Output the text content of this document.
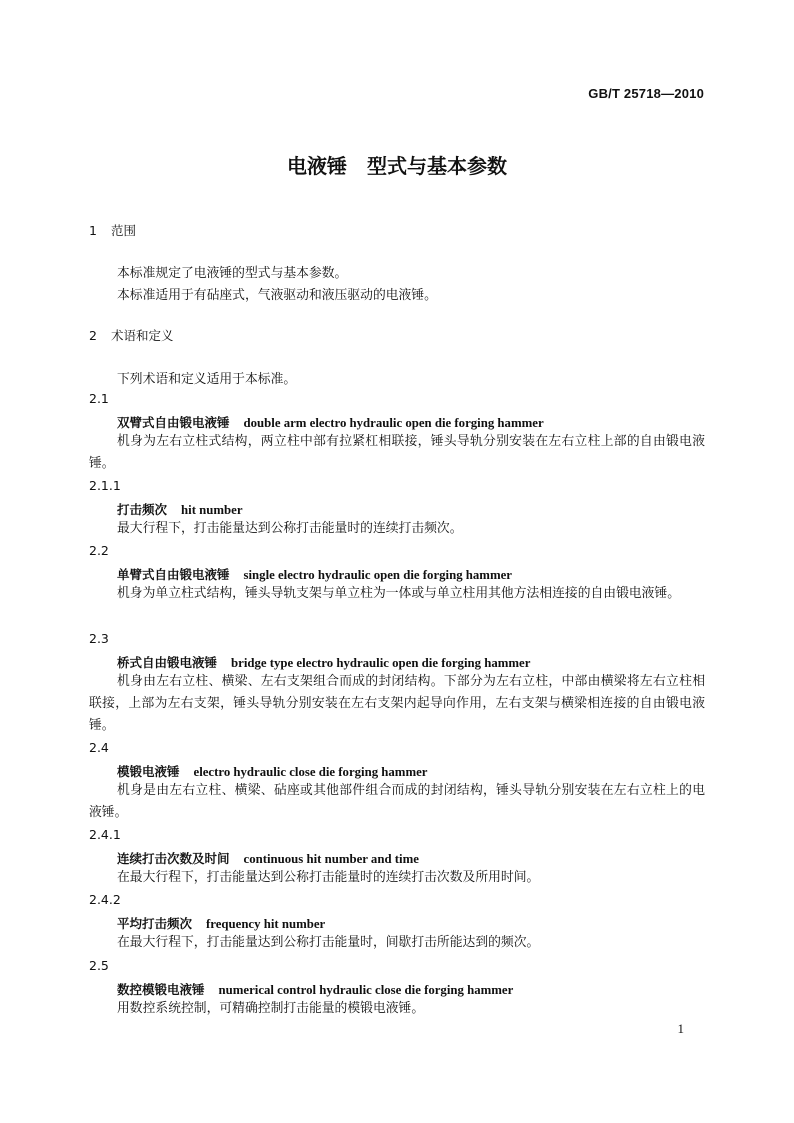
GB/T 25718—2010
电液锤　型式与基本参数
1 范围
本标准规定了电液锤的型式与基本参数。
本标准适用于有砧座式，气液驱动和液压驱动的电液锤。
2 术语和定义
下列术语和定义适用于本标准。
2.1
双臂式自由锻电液锤 double arm electro hydraulic open die forging hammer
机身为左右立柱式结构，两立柱中部有拉紧杠相联接，锤头导轨分别安装在左右立柱上部的自由锻电液锤。
2.1.1
打击频次 hit number
最大行程下，打击能量达到公称打击能量时的连续打击频次。
2.2
单臂式自由锻电液锤 single electro hydraulic open die forging hammer
机身为单立柱式结构，锤头导轨支架与单立柱为一体或与单立柱用其他方法相连接的自由锻电液锤。
2.3
桥式自由锻电液锤 bridge type electro hydraulic open die forging hammer
机身由左右立柱、横梁、左右支架组合而成的封闭结构。下部分为左右立柱，中部由横梁将左右立柱相联接，上部为左右支架，锤头导轨分别安装在左右支架内起导向作用，左右支架与横梁相连接的自由锻电液锤。
2.4
模锻电液锤 electro hydraulic close die forging hammer
机身是由左右立柱、横梁、砧座或其他部件组合而成的封闭结构，锤头导轨分别安装在左右立柱上的电液锤。
2.4.1
连续打击次数及时间 continuous hit number and time
在最大行程下，打击能量达到公称打击能量时的连续打击次数及所用时间。
2.4.2
平均打击频次 frequency hit number
在最大行程下，打击能量达到公称打击能量时，间歇打击所能达到的频次。
2.5
数控模锻电液锤 numerical control hydraulic close die forging hammer
用数控系统控制，可精确控制打击能量的模锻电液锤。
1
